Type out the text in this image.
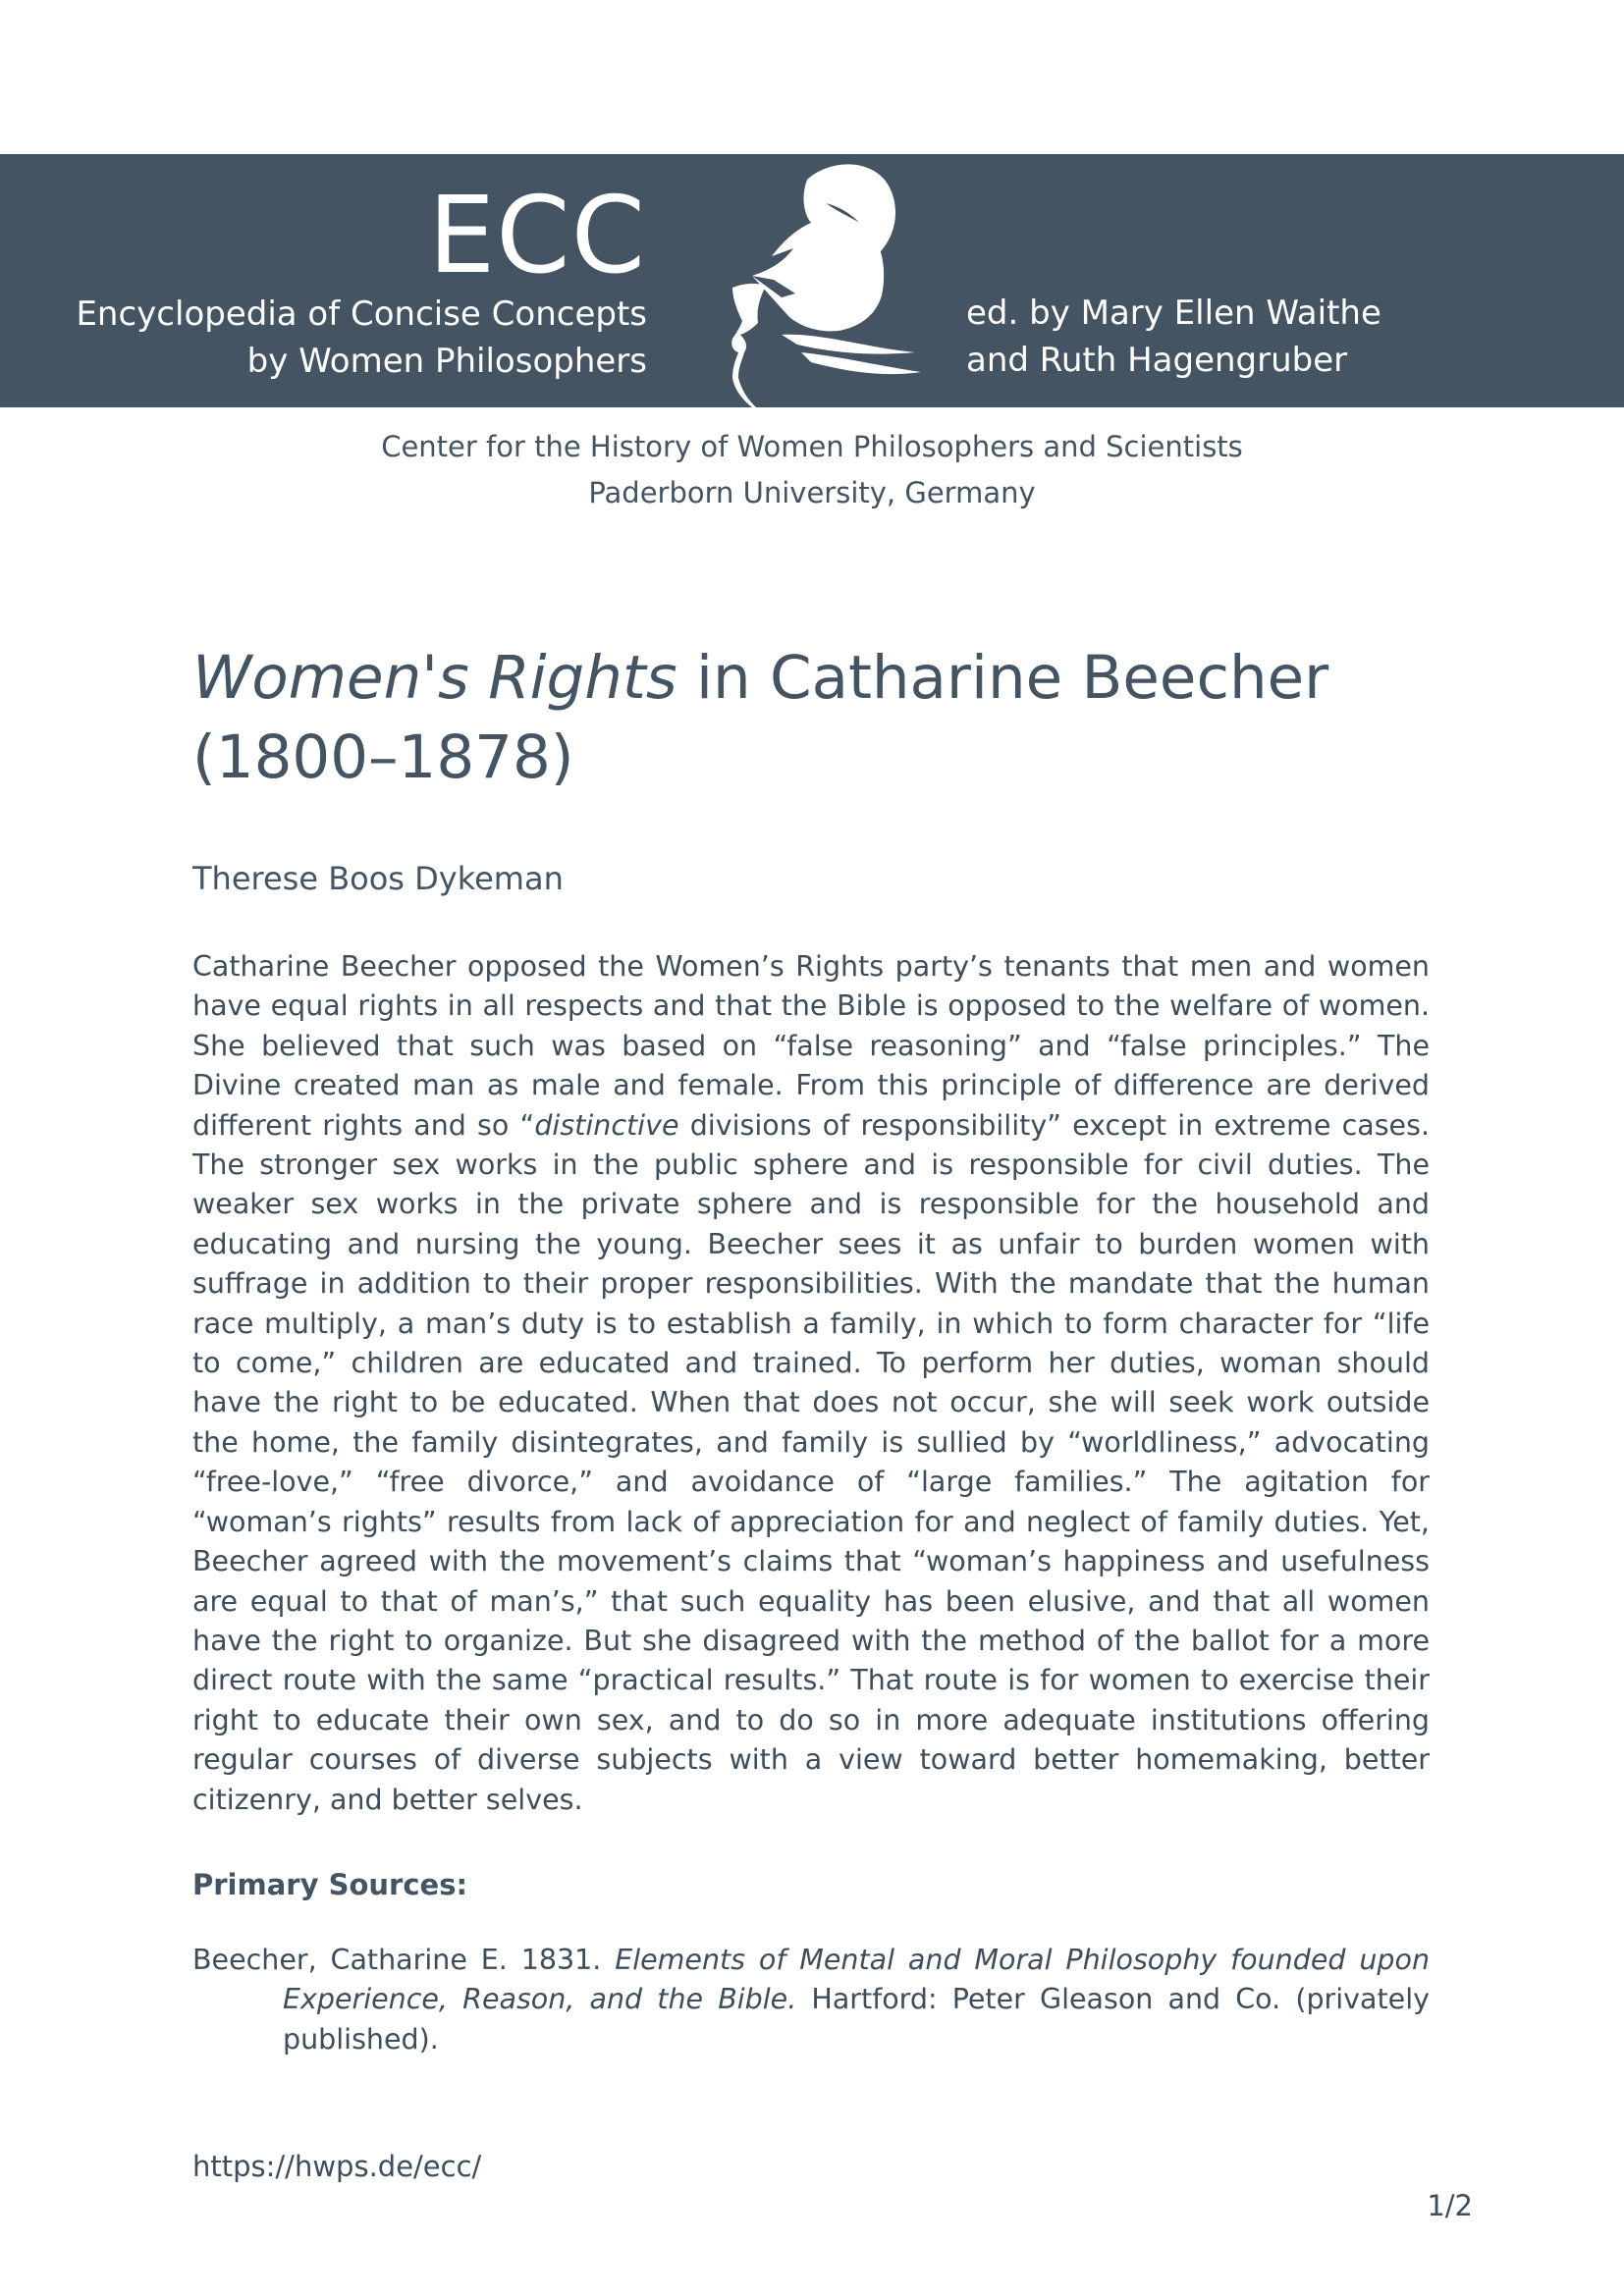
ECC
Encyclopedia of Concise Concepts
by Women Philosophers
ed. by Mary Ellen Waithe
and Ruth Hagengruber
Center for the History of Women Philosophers and Scientists
Paderborn University, Germany
Women's Rights in Catharine Beecher
(1800–1878)
Therese Boos Dykeman

Catharine Beecher opposed the Women’s Rights party’s tenants that men and women have equal rights in all respects and that the Bible is opposed to the welfare of women. She believed that such was based on “false reasoning” and “false principles.” The Divine created man as male and female. From this principle of difference are derived different rights and so “distinctive divisions of responsibility” except in extreme cases. The stronger sex works in the public sphere and is responsible for civil duties. The weaker sex works in the private sphere and is responsible for the household and educating and nursing the young. Beecher sees it as unfair to burden women with suffrage in addition to their proper responsibilities. With the mandate that the human race multiply, a man’s duty is to establish a family, in which to form character for “life to come,” children are educated and trained. To perform her duties, woman should have the right to be educated. When that does not occur, she will seek work outside the home, the family disintegrates, and family is sullied by “worldliness,” advocating “free-love,” “free divorce,” and avoidance of “large families.” The agitation for “woman’s rights” results from lack of appreciation for and neglect of family duties. Yet, Beecher agreed with the movement’s claims that “woman’s happiness and usefulness are equal to that of man’s,” that such equality has been elusive, and that all women have the right to organize. But she disagreed with the method of the ballot for a more direct route with the same “practical results.” That route is for women to exercise their right to educate their own sex, and to do so in more adequate institutions offering regular courses of diverse subjects with a view toward better homemaking, better citizenry, and better selves.

Primary Sources:

Beecher, Catharine E. 1831. Elements of Mental and Moral Philosophy founded upon Experience, Reason, and the Bible. Hartford: Peter Gleason and Co. (privately published).

https://hwps.de/ecc/
1/2
